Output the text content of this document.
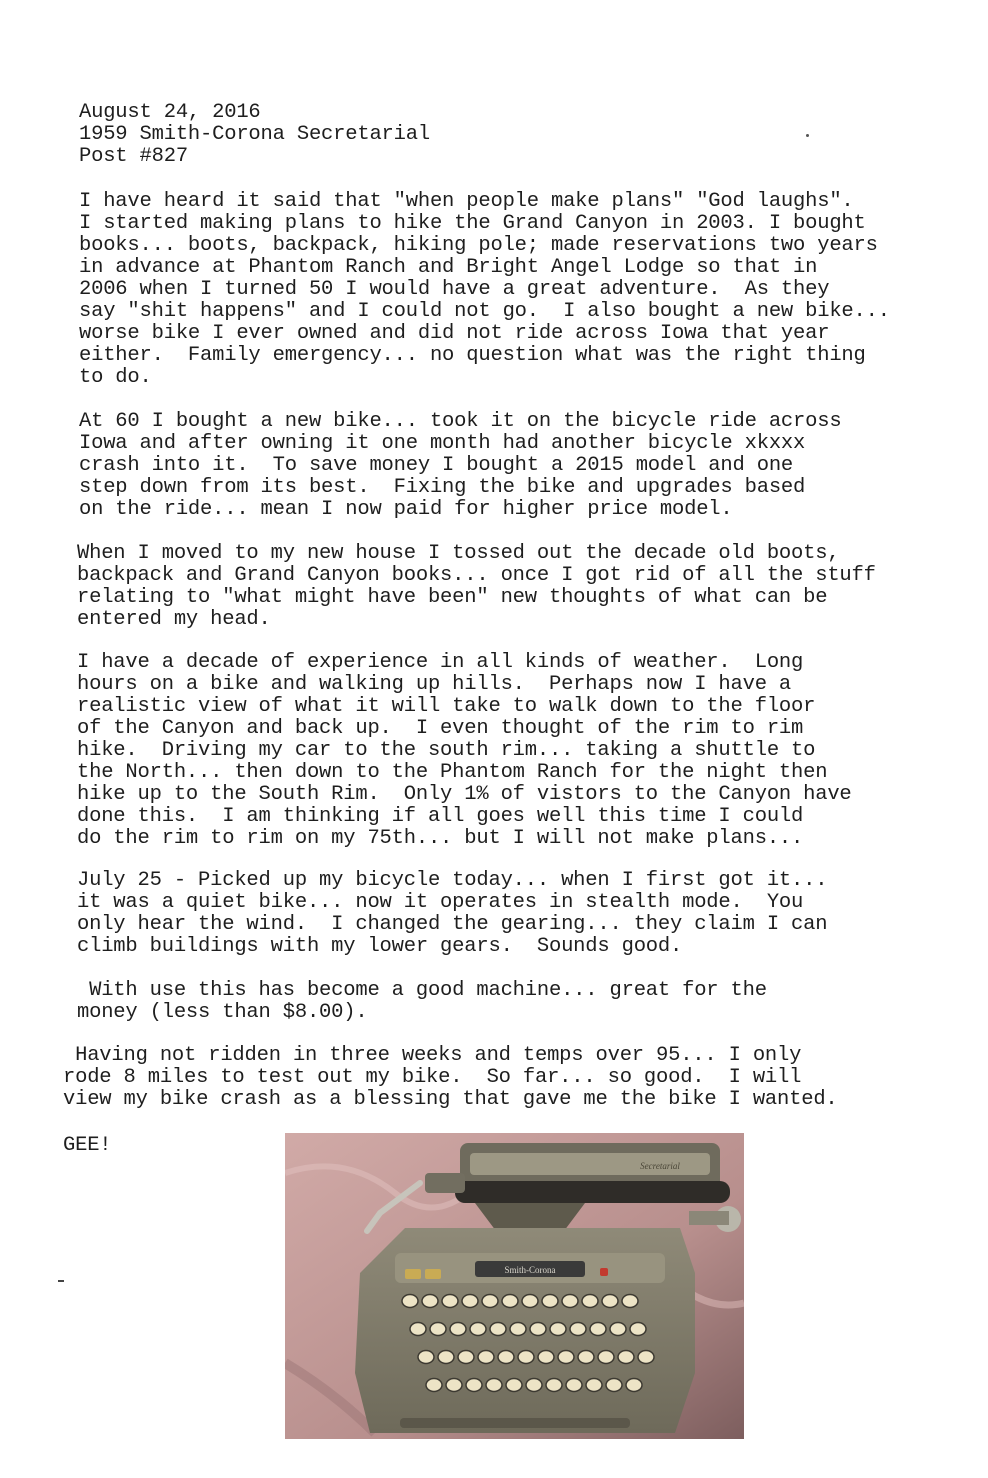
August 24, 2016
1959 Smith-Corona Secretarial
Post #827
I have heard it said that "when people make plans" "God laughs".
I started making plans to hike the Grand Canyon in 2003. I bought
books... boots, backpack, hiking pole; made reservations two years
in advance at Phantom Ranch and Bright Angel Lodge so that in
2006 when I turned 50 I would have a great adventure.  As they
say "shit happens" and I could not go.  I also bought a new bike...
worse bike I ever owned and did not ride across Iowa that year
either.  Family emergency... no question what was the right thing
to do.
At 60 I bought a new bike... took it on the bicycle ride across
Iowa and after owning it one month had another bicycle xkxxx
crash into it.  To save money I bought a 2015 model and one
step down from its best.  Fixing the bike and upgrades based
on the ride... mean I now paid for higher price model.
When I moved to my new house I tossed out the decade old boots,
backpack and Grand Canyon books... once I got rid of all the stuff
relating to "what might have been" new thoughts of what can be
entered my head.
I have a decade of experience in all kinds of weather.  Long
hours on a bike and walking up hills.  Perhaps now I have a
realistic view of what it will take to walk down to the floor
of the Canyon and back up.  I even thought of the rim to rim
hike.  Driving my car to the south rim... taking a shuttle to
the North... then down to the Phantom Ranch for the night then
hike up to the South Rim.  Only 1% of vistors to the Canyon have
done this.  I am thinking if all goes well this time I could
do the rim to rim on my 75th... but I will not make plans...
July 25 - Picked up my bicycle today... when I first got it...
it was a quiet bike... now it operates in stealth mode.  You
only hear the wind.  I changed the gearing... they claim I can
climb buildings with my lower gears.  Sounds good.
With use this has become a good machine... great for the
money (less than $8.00).
Having not ridden in three weeks and temps over 95... I only
rode 8 miles to test out my bike.  So far... so good.  I will
view my bike crash as a blessing that gave me the bike I wanted.
GEE!
Smith-Corona
Secretarial
